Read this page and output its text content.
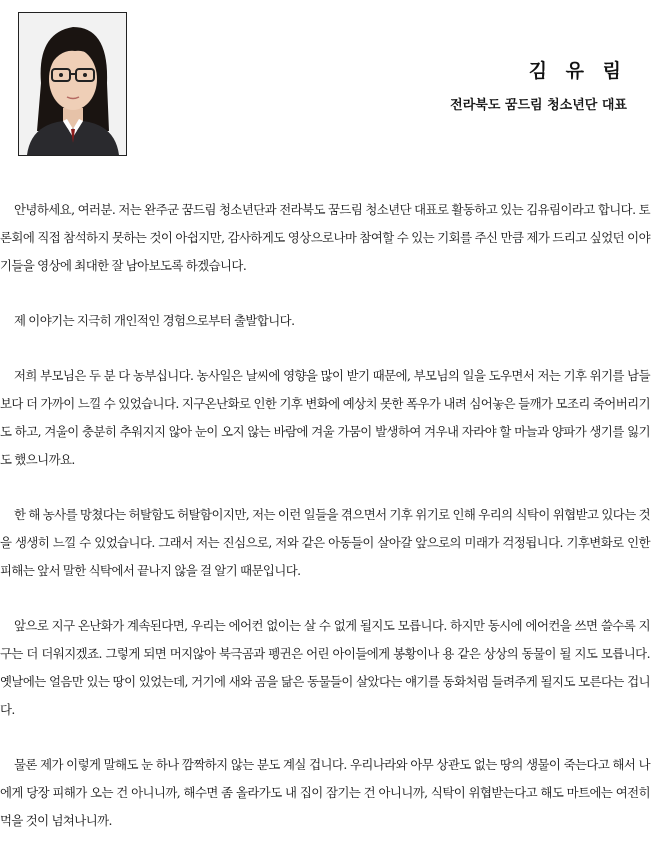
김 유 림
전라북도 꿈드림 청소년단 대표

안녕하세요, 여러분. 저는 완주군 꿈드림 청소년단과 전라북도 꿈드림 청소년단 대표로 활동하고 있는 김유림이라고 합니다. 토론회에 직접 참석하지 못하는 것이 아쉽지만, 감사하게도 영상으로나마 참여할 수 있는 기회를 주신 만큼 제가 드리고 싶었던 이야기들을 영상에 최대한 잘 남아보도록 하겠습니다.

제 이야기는 지극히 개인적인 경험으로부터 출발합니다.

저희 부모님은 두 분 다 농부십니다. 농사일은 날씨에 영향을 많이 받기 때문에, 부모님의 일을 도우면서 저는 기후 위기를 남들보다 더 가까이 느낄 수 있었습니다. 지구온난화로 인한 기후 변화에 예상치 못한 폭우가 내려 심어놓은 들깨가 모조리 죽어버리기도 하고, 겨울이 충분히 추워지지 않아 눈이 오지 않는 바람에 겨울 가뭄이 발생하여 겨우내 자라야 할 마늘과 양파가 생기를 잃기도 했으니까요.

한 해 농사를 망쳤다는 허탈함도 허탈함이지만, 저는 이런 일들을 겪으면서 기후 위기로 인해 우리의 식탁이 위협받고 있다는 것을 생생히 느낄 수 있었습니다. 그래서 저는 진심으로, 저와 같은 아동들이 살아갈 앞으로의 미래가 걱정됩니다. 기후변화로 인한 피해는 앞서 말한 식탁에서 끝나지 않을 걸 알기 때문입니다.

앞으로 지구 온난화가 계속된다면, 우리는 에어컨 없이는 살 수 없게 될지도 모릅니다. 하지만 동시에 에어컨을 쓰면 쓸수록 지구는 더 더워지겠죠. 그렇게 되면 머지않아 북극곰과 펭귄은 어린 아이들에게 봉황이나 용 같은 상상의 동물이 될 지도 모릅니다. 옛날에는 얼음만 있는 땅이 있었는데, 거기에 새와 곰을 닮은 동물들이 살았다는 얘기를 동화처럼 들려주게 될지도 모른다는 겁니다.

물론 제가 이렇게 말해도 눈 하나 깜짝하지 않는 분도 계실 겁니다. 우리나라와 아무 상관도 없는 땅의 생물이 죽는다고 해서 나에게 당장 피해가 오는 건 아니니까, 해수면 좀 올라가도 내 집이 잠기는 건 아니니까, 식탁이 위협받는다고 해도 마트에는 여전히 먹을 것이 넘쳐나니까.
